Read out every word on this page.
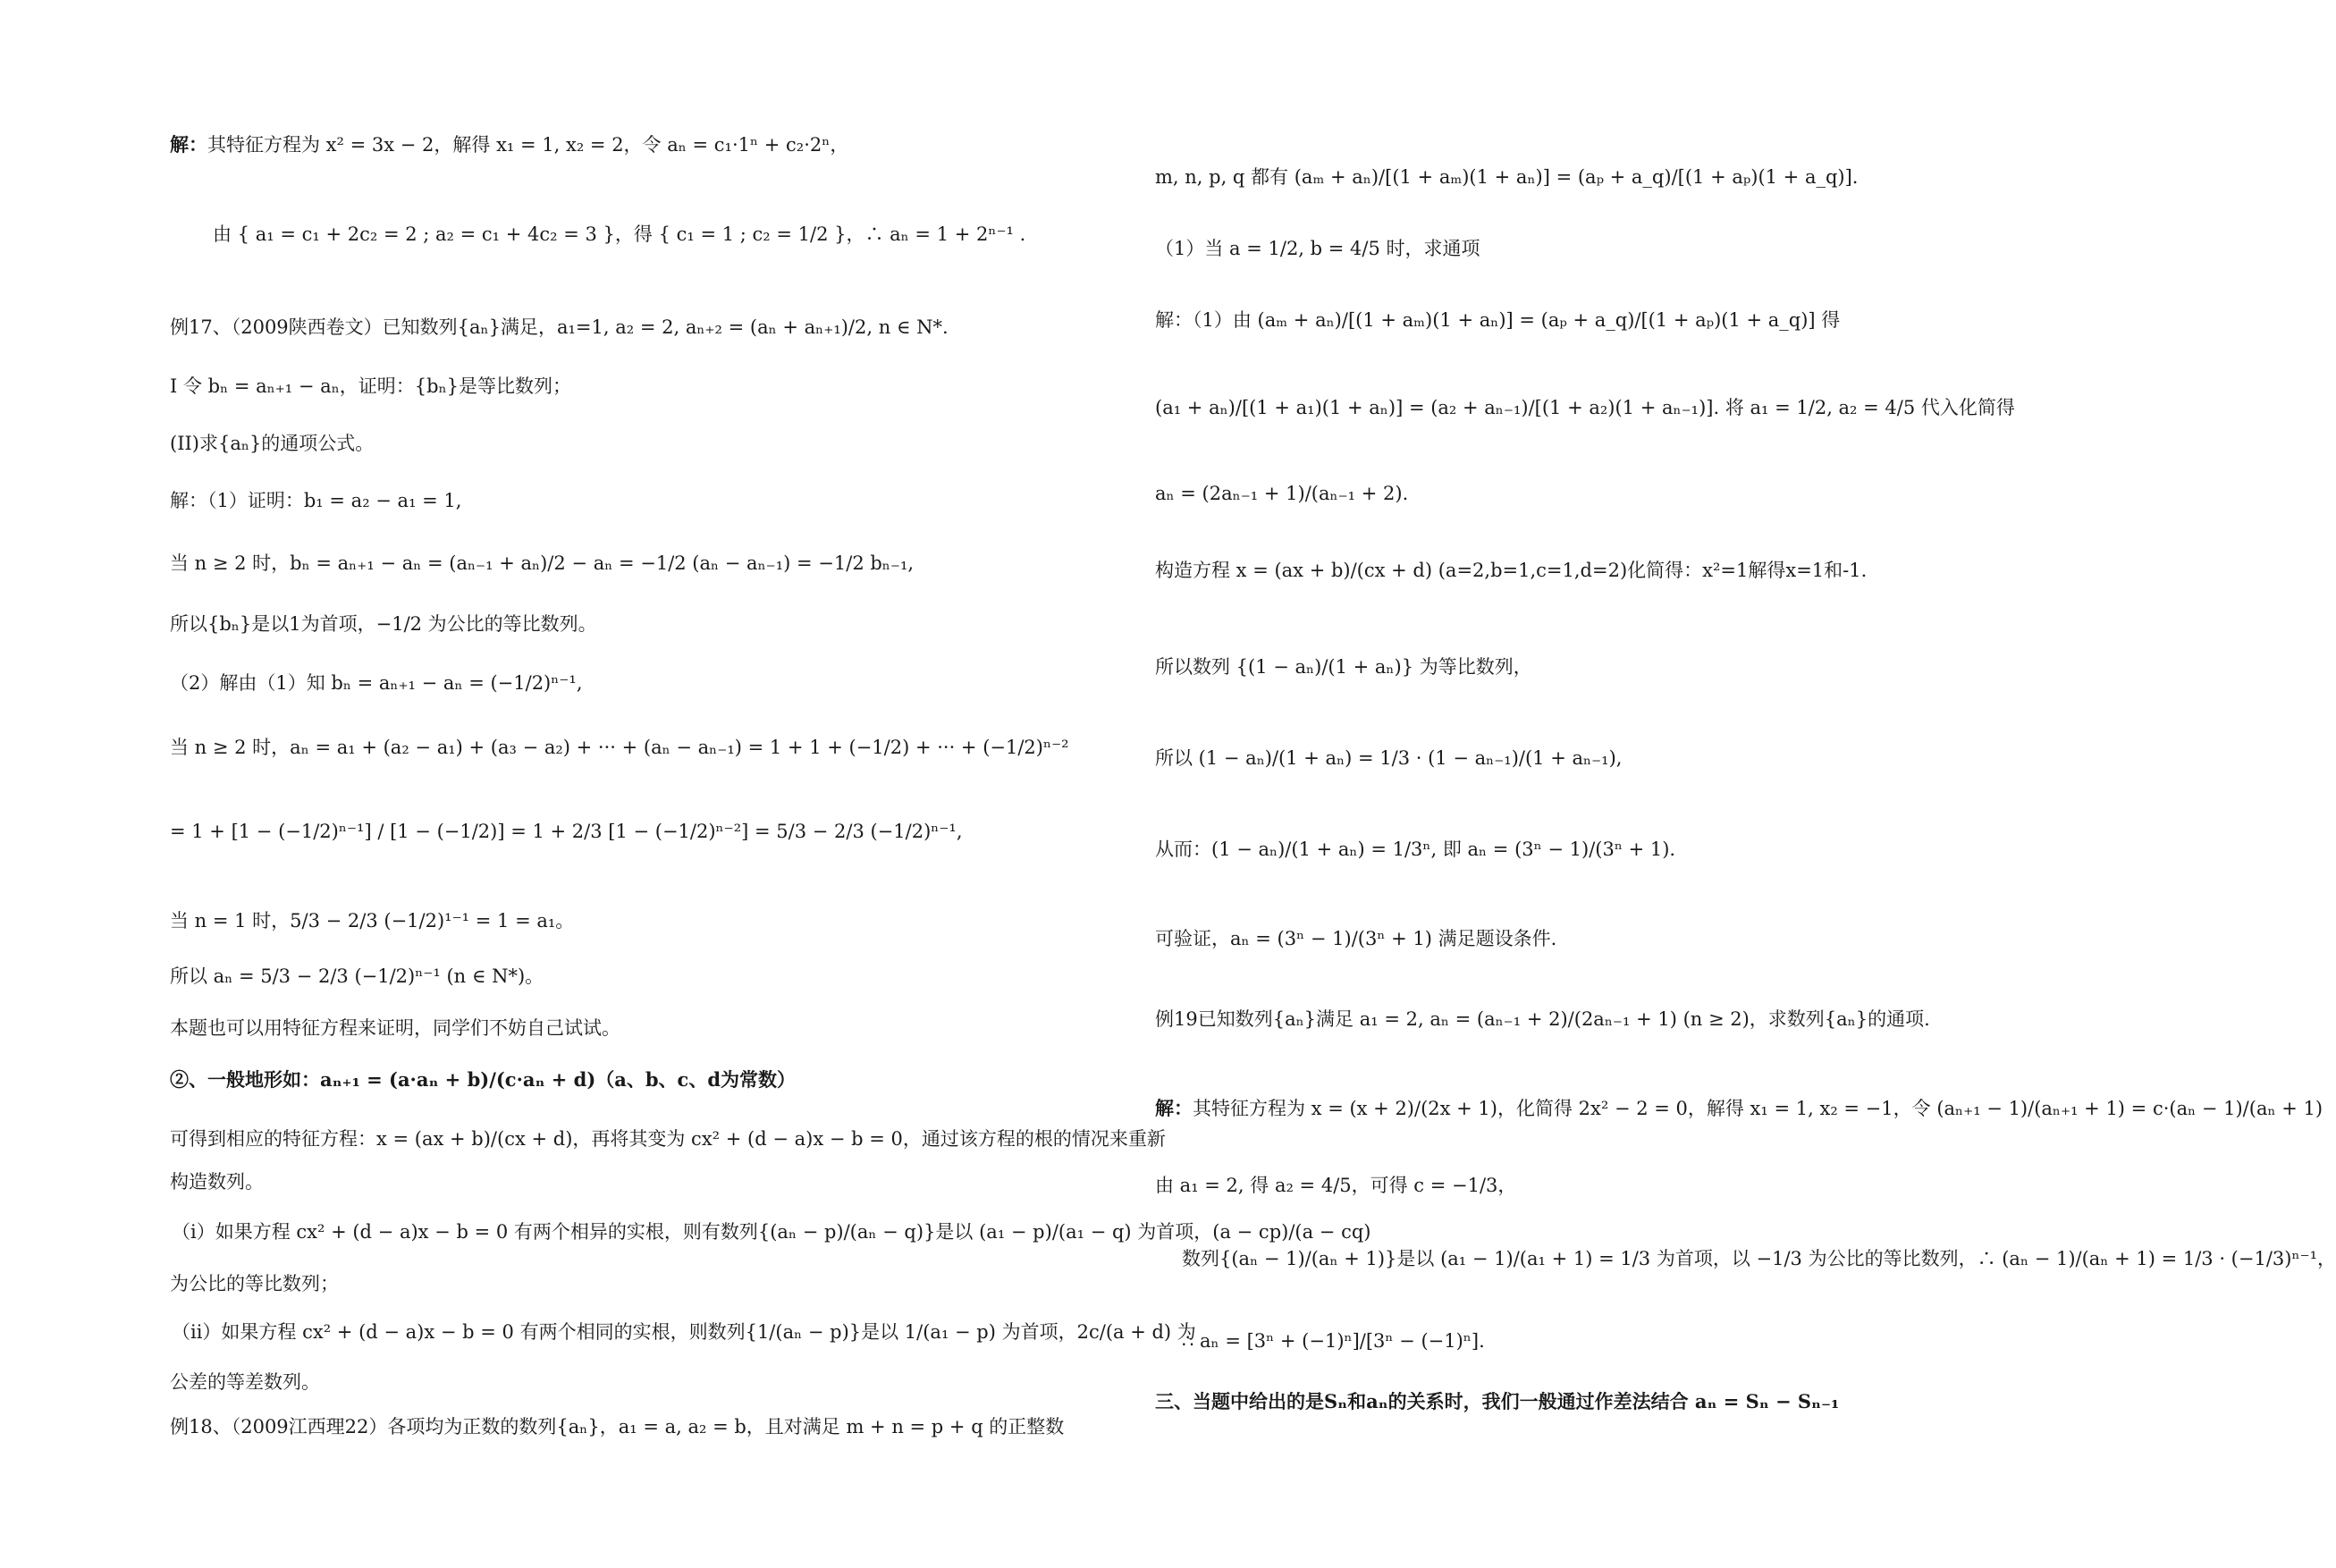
解：其特征方程为 x² = 3x − 2，解得 x₁ = 1, x₂ = 2，令 aₙ = c₁·1ⁿ + c₂·2ⁿ，
由 { a₁ = c₁ + 2c₂ = 2 ; a₂ = c₁ + 4c₂ = 3 }，得 { c₁ = 1 ; c₂ = 1/2 }，∴ aₙ = 1 + 2ⁿ⁻¹ .
例17、（2009陕西卷文）已知数列{aₙ}满足，a₁=1, a₂ = 2, aₙ₊₂ = (aₙ + aₙ₊₁)/2, n ∈ N*.
Ⅰ 令 bₙ = aₙ₊₁ − aₙ，证明：{bₙ}是等比数列；
(II)求{aₙ}的通项公式。
解：（1）证明：b₁ = a₂ − a₁ = 1,
当 n ≥ 2 时，bₙ = aₙ₊₁ − aₙ = (aₙ₋₁ + aₙ)/2 − aₙ = −1/2 (aₙ − aₙ₋₁) = −1/2 bₙ₋₁,
所以{bₙ}是以1为首项，−1/2 为公比的等比数列。
（2）解由（1）知 bₙ = aₙ₊₁ − aₙ = (−1/2)ⁿ⁻¹,
当 n ≥ 2 时，aₙ = a₁ + (a₂ − a₁) + (a₃ − a₂) + ··· + (aₙ − aₙ₋₁) = 1 + 1 + (−1/2) + ··· + (−1/2)ⁿ⁻²
= 1 + [1 − (−1/2)ⁿ⁻¹] / [1 − (−1/2)] = 1 + 2/3 [1 − (−1/2)ⁿ⁻²] = 5/3 − 2/3 (−1/2)ⁿ⁻¹,
当 n = 1 时，5/3 − 2/3 (−1/2)¹⁻¹ = 1 = a₁。
所以 aₙ = 5/3 − 2/3 (−1/2)ⁿ⁻¹ (n ∈ N*)。
本题也可以用特征方程来证明，同学们不妨自己试试。
②、一般地形如：aₙ₊₁ = (a·aₙ + b)/(c·aₙ + d)（a、b、c、d为常数）
可得到相应的特征方程：x = (ax + b)/(cx + d)，再将其变为 cx² + (d − a)x − b = 0，通过该方程的根的情况来重新
构造数列。
（i）如果方程 cx² + (d − a)x − b = 0 有两个相异的实根，则有数列{(aₙ − p)/(aₙ − q)}是以 (a₁ − p)/(a₁ − q) 为首项，(a − cp)/(a − cq)
为公比的等比数列；
（ii）如果方程 cx² + (d − a)x − b = 0 有两个相同的实根，则数列{1/(aₙ − p)}是以 1/(a₁ − p) 为首项，2c/(a + d) 为
公差的等差数列。
例18、（2009江西理22）各项均为正数的数列{aₙ}，a₁ = a, a₂ = b，且对满足 m + n = p + q 的正整数
m, n, p, q 都有 (aₘ + aₙ)/[(1 + aₘ)(1 + aₙ)] = (aₚ + a_q)/[(1 + aₚ)(1 + a_q)].
（1）当 a = 1/2, b = 4/5 时，求通项
解：（1）由 (aₘ + aₙ)/[(1 + aₘ)(1 + aₙ)] = (aₚ + a_q)/[(1 + aₚ)(1 + a_q)] 得
(a₁ + aₙ)/[(1 + a₁)(1 + aₙ)] = (a₂ + aₙ₋₁)/[(1 + a₂)(1 + aₙ₋₁)]. 将 a₁ = 1/2, a₂ = 4/5 代入化简得
aₙ = (2aₙ₋₁ + 1)/(aₙ₋₁ + 2).
构造方程 x = (ax + b)/(cx + d) (a=2,b=1,c=1,d=2)化简得：x²=1解得x=1和-1.
所以数列 {(1 − aₙ)/(1 + aₙ)} 为等比数列，
所以 (1 − aₙ)/(1 + aₙ) = 1/3 · (1 − aₙ₋₁)/(1 + aₙ₋₁),
从而：(1 − aₙ)/(1 + aₙ) = 1/3ⁿ, 即 aₙ = (3ⁿ − 1)/(3ⁿ + 1).
可验证，aₙ = (3ⁿ − 1)/(3ⁿ + 1) 满足题设条件.
例19已知数列{aₙ}满足 a₁ = 2, aₙ = (aₙ₋₁ + 2)/(2aₙ₋₁ + 1) (n ≥ 2)，求数列{aₙ}的通项.
解：其特征方程为 x = (x + 2)/(2x + 1)，化简得 2x² − 2 = 0，解得 x₁ = 1, x₂ = −1，令 (aₙ₊₁ − 1)/(aₙ₊₁ + 1) = c·(aₙ − 1)/(aₙ + 1)
由 a₁ = 2, 得 a₂ = 4/5，可得 c = −1/3，
数列{(aₙ − 1)/(aₙ + 1)}是以 (a₁ − 1)/(a₁ + 1) = 1/3 为首项，以 −1/3 为公比的等比数列，∴ (aₙ − 1)/(aₙ + 1) = 1/3 · (−1/3)ⁿ⁻¹，
∴ aₙ = [3ⁿ + (−1)ⁿ]/[3ⁿ − (−1)ⁿ].
三、当题中给出的是Sₙ和aₙ的关系时，我们一般通过作差法结合 aₙ = Sₙ − Sₙ₋₁
